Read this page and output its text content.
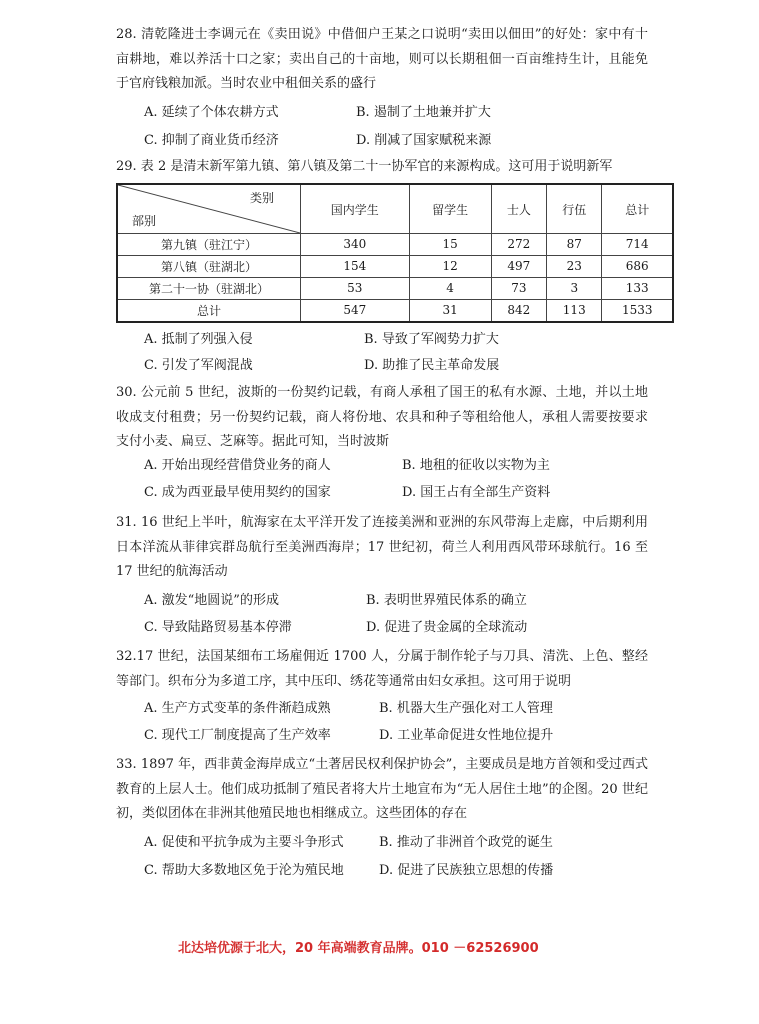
28. 清乾隆进士李调元在《卖田说》中借佃户王某之口说明“卖田以佃田”的好处：家中有十亩耕地，难以养活十口之家；卖出自己的十亩地，则可以长期租佃一百亩维持生计，且能免于官府钱粮加派。当时农业中租佃关系的盛行
A. 延续了个体农耕方式	B. 遏制了土地兼并扩大
C. 抑制了商业货币经济	D. 削减了国家赋税来源
29. 表 2 是清末新军第九镇、第八镇及第二十一协军官的来源构成。这可用于说明新军
类别
部别	国内学生	留学生	士人	行伍	总计
第九镇（驻江宁）	340	15	272	87	714
第八镇（驻湖北）	154	12	497	23	686
第二十一协（驻湖北）	53	4	73	3	133
总计	547	31	842	113	1533
A. 抵制了列强入侵	B. 导致了军阀势力扩大
C. 引发了军阀混战	D. 助推了民主革命发展
30. 公元前 5 世纪，波斯的一份契约记载，有商人承租了国王的私有水源、土地，并以土地收成支付租费；另一份契约记载，商人将份地、农具和种子等租给他人，承租人需要按要求支付小麦、扁豆、芝麻等。据此可知，当时波斯
A. 开始出现经营借贷业务的商人	B. 地租的征收以实物为主
C. 成为西亚最早使用契约的国家	D. 国王占有全部生产资料
31. 16 世纪上半叶，航海家在太平洋开发了连接美洲和亚洲的东风带海上走廊，中后期利用日本洋流从菲律宾群岛航行至美洲西海岸；17 世纪初，荷兰人利用西风带环球航行。16 至 17 世纪的航海活动
A. 激发“地圆说”的形成	B. 表明世界殖民体系的确立
C. 导致陆路贸易基本停滞	D. 促进了贵金属的全球流动
32.17 世纪，法国某细布工场雇佣近 1700 人，分属于制作轮子与刀具、清洗、上色、整经等部门。织布分为多道工序，其中压印、绣花等通常由妇女承担。这可用于说明
A. 生产方式变革的条件渐趋成熟	B. 机器大生产强化对工人管理
C. 现代工厂制度提高了生产效率	D. 工业革命促进女性地位提升
33. 1897 年，西非黄金海岸成立“土著居民权利保护协会”，主要成员是地方首领和受过西式教育的上层人士。他们成功抵制了殖民者将大片土地宣布为“无人居住土地”的企图。20 世纪初，类似团体在非洲其他殖民地也相继成立。这些团体的存在
A. 促使和平抗争成为主要斗争形式	B. 推动了非洲首个政党的诞生
C. 帮助大多数地区免于沦为殖民地	D. 促进了民族独立思想的传播
北达培优源于北大，20 年高端教育品牌。010 －62526900
